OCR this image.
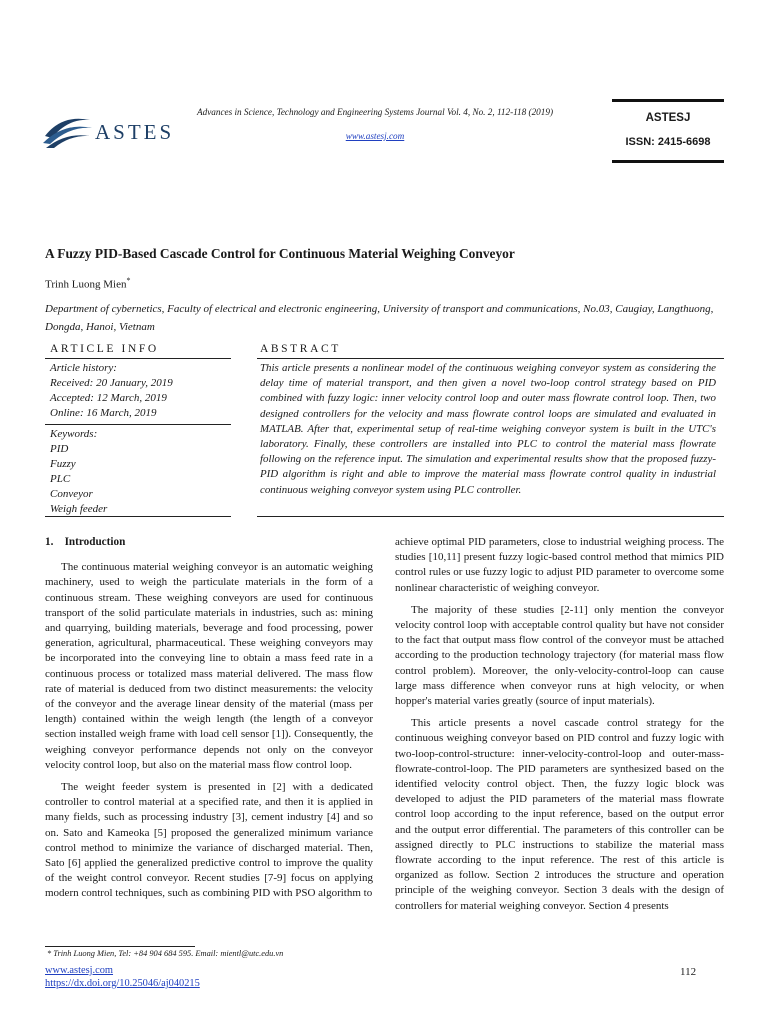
ASTES
Advances in Science, Technology and Engineering Systems Journal Vol. 4, No. 2, 112-118 (2019)
www.astesj.com
ASTESJ
ISSN: 2415-6698
A Fuzzy PID-Based Cascade Control for Continuous Material Weighing Conveyor
Trinh Luong Mien*
Department of cybernetics, Faculty of electrical and electronic engineering, University of transport and communications, No.03, Caugiay, Langthuong, Dongda, Hanoi, Vietnam
ARTICLE INFO	ABSTRACT
Article history:
Received: 20 January, 2019
Accepted: 12 March, 2019
Online: 16 March, 2019
Keywords:
PID
Fuzzy
PLC
Conveyor
Weigh feeder
This article presents a nonlinear model of the continuous weighing conveyor system as considering the delay time of material transport, and then given a novel two-loop control strategy based on PID combined with fuzzy logic: inner velocity control loop and outer mass flowrate control loop. Then, two designed controllers for the velocity and mass flowrate control loops are simulated and evaluated in MATLAB. After that, experimental setup of real-time weighing conveyor system is built in the UTC's laboratory. Finally, these controllers are installed into PLC to control the material mass flowrate following on the reference input. The simulation and experimental results show that the proposed fuzzy-PID algorithm is right and able to improve the material mass flowrate control quality in industrial continuous weighing conveyor system using PLC controller.

1. Introduction

The continuous material weighing conveyor is an automatic weighing machinery, used to weigh the particulate materials in the form of a continuous stream. These weighing conveyors are used for continuous transport of the solid particulate materials in industries, such as: mining and quarrying, building materials, beverage and food processing, power generation, agricultural, pharmaceutical. These weighing conveyors may be incorporated into the conveying line to obtain a mass feed rate in a continuous process or totalized mass material delivered. The mass flow rate of material is deduced from two distinct measurements: the velocity of the conveyor and the average linear density of the material (mass per length) contained within the weigh length (the length of a conveyor section installed weigh frame with load cell sensor [1]). Consequently, the weighing conveyor performance depends not only on the conveyor velocity control loop, but also on the material mass flow control loop.

The weight feeder system is presented in [2] with a dedicated controller to control material at a specified rate, and then it is applied in many fields, such as processing industry [3], cement industry [4] and so on. Sato and Kameoka [5] proposed the generalized minimum variance control method to minimize the variance of discharged material. Then, Sato [6] applied the generalized predictive control to improve the quality of the weight control conveyor. Recent studies [7-9] focus on applying modern control techniques, such as combining PID with PSO algorithm to

achieve optimal PID parameters, close to industrial weighing process. The studies [10,11] present fuzzy logic-based control method that mimics PID control rules or use fuzzy logic to adjust PID parameter to overcome some nonlinear characteristic of weighing conveyor.

The majority of these studies [2-11] only mention the conveyor velocity control loop with acceptable control quality but have not consider to the fact that output mass flow control of the conveyor must be attached according to the production technology trajectory (for material mass flow control problem). Moreover, the only-velocity-control-loop can cause large mass difference when conveyor runs at high velocity, or when hopper's material varies greatly (source of input materials).

This article presents a novel cascade control strategy for the continuous weighing conveyor based on PID control and fuzzy logic with two-loop-control-structure: inner-velocity-control-loop and outer-mass-flowrate-control-loop. The PID parameters are synthesized based on the identified velocity control object. Then, the fuzzy logic block was developed to adjust the PID parameters of the material mass flowrate control loop according to the input reference, based on the output error and the output error differential. The parameters of this controller can be assigned directly to PLC instructions to stabilize the material mass flowrate according to the input reference. The rest of this article is organized as follow. Section 2 introduces the structure and operation principle of the weighing conveyor. Section 3 deals with the design of controllers for material weighing conveyor. Section 4 presents

* Trinh Luong Mien, Tel: +84 904 684 595. Email: mientl@utc.edu.vn
www.astesj.com
https://dx.doi.org/10.25046/aj040215
112
